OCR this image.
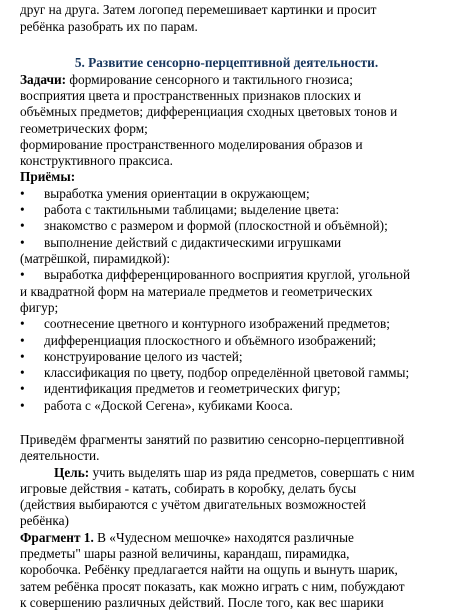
друг на друга. Затем логопед перемешивает картинки и просит
ребёнка разобрать их по парам.
5. Развитие сенсорно-перцептивной деятельности.
Задачи: формирование сенсорного и тактильного гнозиса;
восприятия цвета и пространственных признаков плоских и
объёмных предметов; дифференциация сходных цветовых тонов и
геометрических форм;
формирование пространственного моделирования образов и
конструктивного праксиса.
Приёмы:
• выработка умения ориентации в окружающем;
• работа с тактильными таблицами; выделение цвета:
• знакомство с размером и формой (плоскостной и объёмной);
• выполнение действий с дидактическими игрушками
(матрёшкой, пирамидкой):
• выработка дифференцированного восприятия круглой, угольной
и квадратной форм на материале предметов и геометрических
фигур;
• соотнесение цветного и контурного изображений предметов;
• дифференциация плоскостного и объёмного изображений;
• конструирование целого из частей;
• классификация по цвету, подбор определённой цветовой гаммы;
• идентификация предметов и геометрических фигур;
• работа с «Доской Сегена», кубиками Кооса.
Приведём фрагменты занятий по развитию сенсорно-перцептивной
деятельности.
Цель: учить выделять шар из ряда предметов, совершать с ним
игровые действия - катать, собирать в коробку, делать бусы
(действия выбираются с учётом двигательных возможностей
ребёнка)
Фрагмент 1. В «Чудесном мешочке» находятся различные
предметы" шары разной величины, карандаш, пирамидка,
коробочка. Ребёнку предлагается найти на ощупь и вынуть шарик,
затем ребёнка просят показать, как можно играть с ним, побуждают
к совершению различных действий. После того, как вес шарики
